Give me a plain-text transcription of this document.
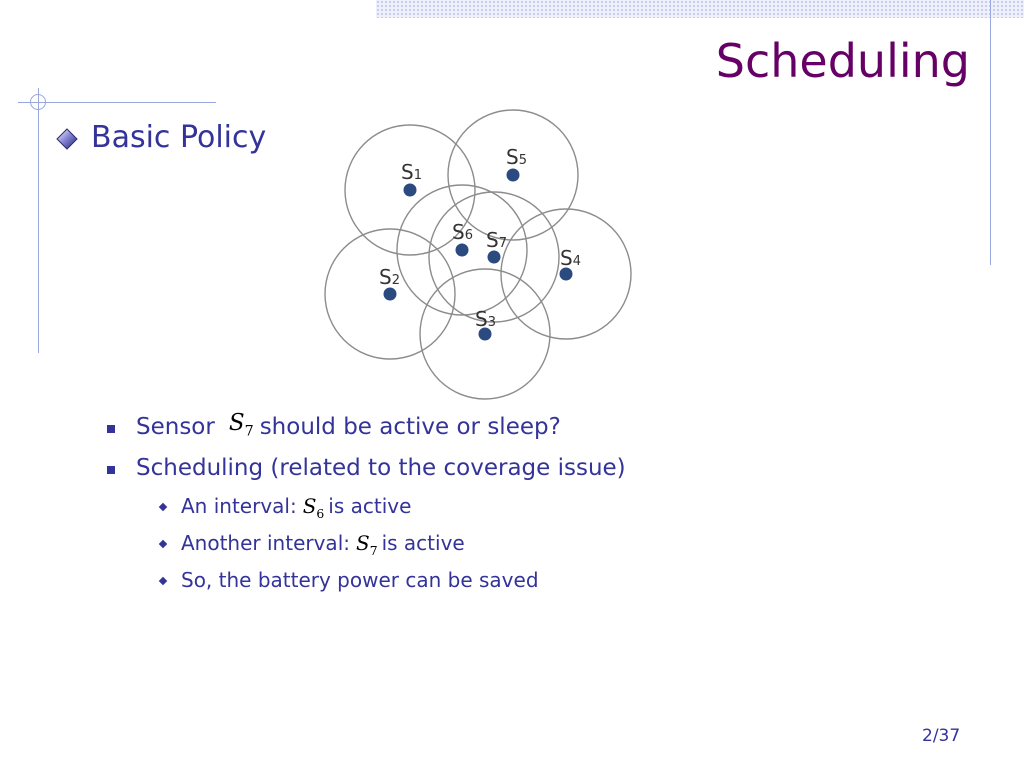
Scheduling
Basic Policy
S1
S5
S6 S7
S4
S2
S3
Sensor $S_7$ should be active or sleep?
Scheduling (related to the coverage issue)
An interval: $S_6$ is active
Another interval: $S_7$ is active
So, the battery power can be saved
2/37
